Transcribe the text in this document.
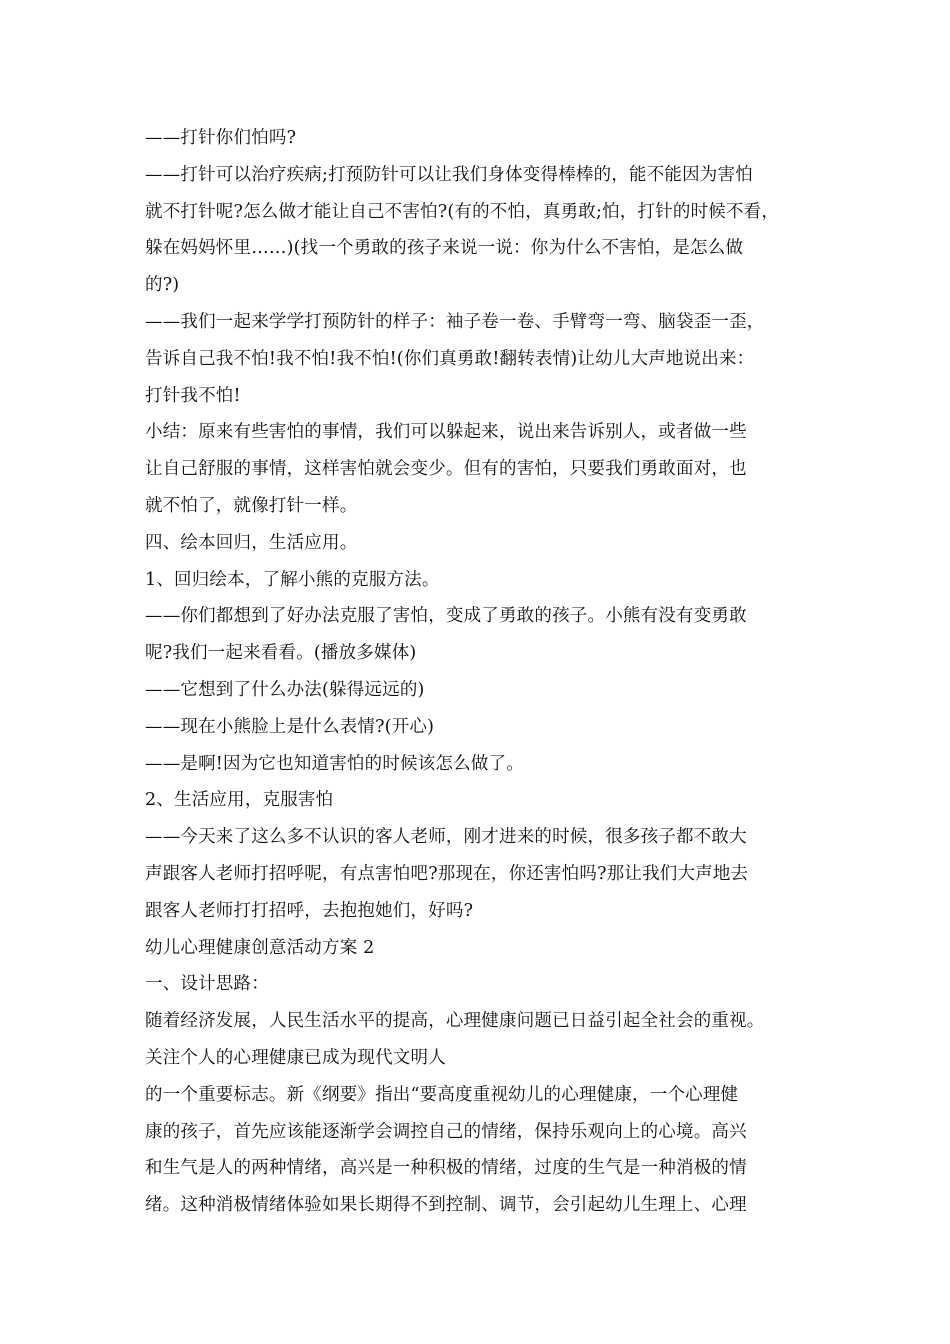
——打针你们怕吗?
——打针可以治疗疾病;打预防针可以让我们身体变得棒棒的，能不能因为害怕
就不打针呢?怎么做才能让自己不害怕?(有的不怕，真勇敢;怕，打针的时候不看，
躲在妈妈怀里……)(找一个勇敢的孩子来说一说：你为什么不害怕，是怎么做
的?)
——我们一起来学学打预防针的样子：袖子卷一卷、手臂弯一弯、脑袋歪一歪，
告诉自己我不怕!我不怕!我不怕!(你们真勇敢!翻转表情)让幼儿大声地说出来：
打针我不怕!
小结：原来有些害怕的事情，我们可以躲起来，说出来告诉别人，或者做一些
让自己舒服的事情，这样害怕就会变少。但有的害怕，只要我们勇敢面对，也
就不怕了，就像打针一样。
四、绘本回归，生活应用。
1、回归绘本，了解小熊的克服方法。
——你们都想到了好办法克服了害怕，变成了勇敢的孩子。小熊有没有变勇敢
呢?我们一起来看看。(播放多媒体)
——它想到了什么办法(躲得远远的)
——现在小熊脸上是什么表情?(开心)
——是啊!因为它也知道害怕的时候该怎么做了。
2、生活应用，克服害怕
——今天来了这么多不认识的客人老师，刚才进来的时候，很多孩子都不敢大
声跟客人老师打招呼呢，有点害怕吧?那现在，你还害怕吗?那让我们大声地去
跟客人老师打打招呼，去抱抱她们，好吗?
幼儿心理健康创意活动方案 2
一、设计思路：
随着经济发展，人民生活水平的提高，心理健康问题已日益引起全社会的重视。
关注个人的心理健康已成为现代文明人
的一个重要标志。新《纲要》指出“要高度重视幼儿的心理健康，一个心理健
康的孩子，首先应该能逐渐学会调控自己的情绪，保持乐观向上的心境。高兴
和生气是人的两种情绪，高兴是一种积极的情绪，过度的生气是一种消极的情
绪。这种消极情绪体验如果长期得不到控制、调节，会引起幼儿生理上、心理
